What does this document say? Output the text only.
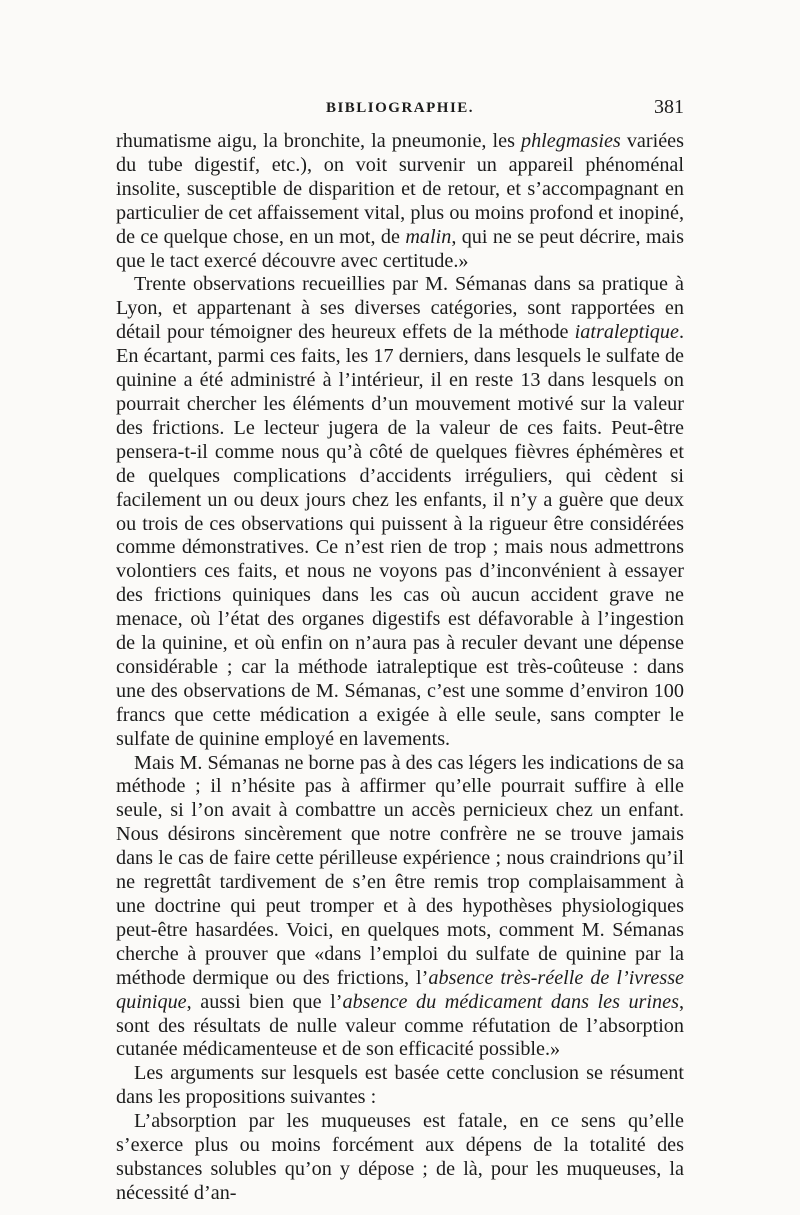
BIBLIOGRAPHIE.	381

rhumatisme aigu, la bronchite, la pneumonie, les phlegmasies variées du tube digestif, etc.), on voit survenir un appareil phénoménal insolite, susceptible de disparition et de retour, et s’accompagnant en particulier de cet affaissement vital, plus ou moins profond et inopiné, de ce quelque chose, en un mot, de malin, qui ne se peut décrire, mais que le tact exercé découvre avec certitude.»

Trente observations recueillies par M. Sémanas dans sa pratique à Lyon, et appartenant à ses diverses catégories, sont rapportées en détail pour témoigner des heureux effets de la méthode iatraleptique. En écartant, parmi ces faits, les 17 derniers, dans lesquels le sulfate de quinine a été administré à l’intérieur, il en reste 13 dans lesquels on pourrait chercher les éléments d’un mouvement motivé sur la valeur des frictions. Le lecteur jugera de la valeur de ces faits. Peut-être pensera-t-il comme nous qu’à côté de quelques fièvres éphémères et de quelques complications d’accidents irréguliers, qui cèdent si facilement un ou deux jours chez les enfants, il n’y a guère que deux ou trois de ces observations qui puissent à la rigueur être considérées comme démonstratives. Ce n’est rien de trop ; mais nous admettrons volontiers ces faits, et nous ne voyons pas d’inconvénient à essayer des frictions quiniques dans les cas où aucun accident grave ne menace, où l’état des organes digestifs est défavorable à l’ingestion de la quinine, et où enfin on n’aura pas à reculer devant une dépense considérable ; car la méthode iatraleptique est très-coûteuse : dans une des observations de M. Sémanas, c’est une somme d’environ 100 francs que cette médication a exigée à elle seule, sans compter le sulfate de quinine employé en lavements.

Mais M. Sémanas ne borne pas à des cas légers les indications de sa méthode ; il n’hésite pas à affirmer qu’elle pourrait suffire à elle seule, si l’on avait à combattre un accès pernicieux chez un enfant. Nous désirons sincèrement que notre confrère ne se trouve jamais dans le cas de faire cette périlleuse expérience ; nous craindrions qu’il ne regrettât tardivement de s’en être remis trop complaisamment à une doctrine qui peut tromper et à des hypothèses physiologiques peut-être hasardées. Voici, en quelques mots, comment M. Sémanas cherche à prouver que «dans l’emploi du sulfate de quinine par la méthode dermique ou des frictions, l’absence très-réelle de l’ivresse quinique, aussi bien que l’absence du médicament dans les urines, sont des résultats de nulle valeur comme réfutation de l’absorption cutanée médicamenteuse et de son efficacité possible.»

Les arguments sur lesquels est basée cette conclusion se résument dans les propositions suivantes :

L’absorption par les muqueuses est fatale, en ce sens qu’elle s’exerce plus ou moins forcément aux dépens de la totalité des substances solubles qu’on y dépose ; de là, pour les muqueuses, la nécessité d’an-
